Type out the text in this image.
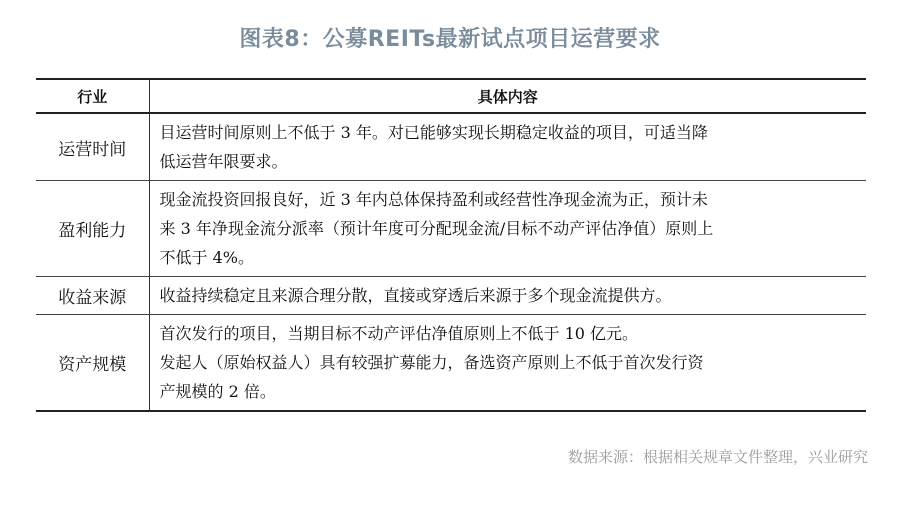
图表8：公募REITs最新试点项目运营要求
行业	具体内容
运营时间	目运营时间原则上不低于 3 年。对已能够实现长期稳定收益的项目，可适当降
低运营年限要求。

盈利能力	现金流投资回报良好，近 3 年内总体保持盈利或经营性净现金流为正，预计未
来 3 年净现金流分派率（预计年度可分配现金流/目标不动产评估净值）原则上
不低于 4%。

收益来源	收益持续稳定且来源合理分散，直接或穿透后来源于多个现金流提供方。

资产规模	首次发行的项目，当期目标不动产评估净值原则上不低于 10 亿元。
发起人（原始权益人）具有较强扩募能力，备选资产原则上不低于首次发行资
产规模的 2 倍。
数据来源：根据相关规章文件整理，兴业研究
